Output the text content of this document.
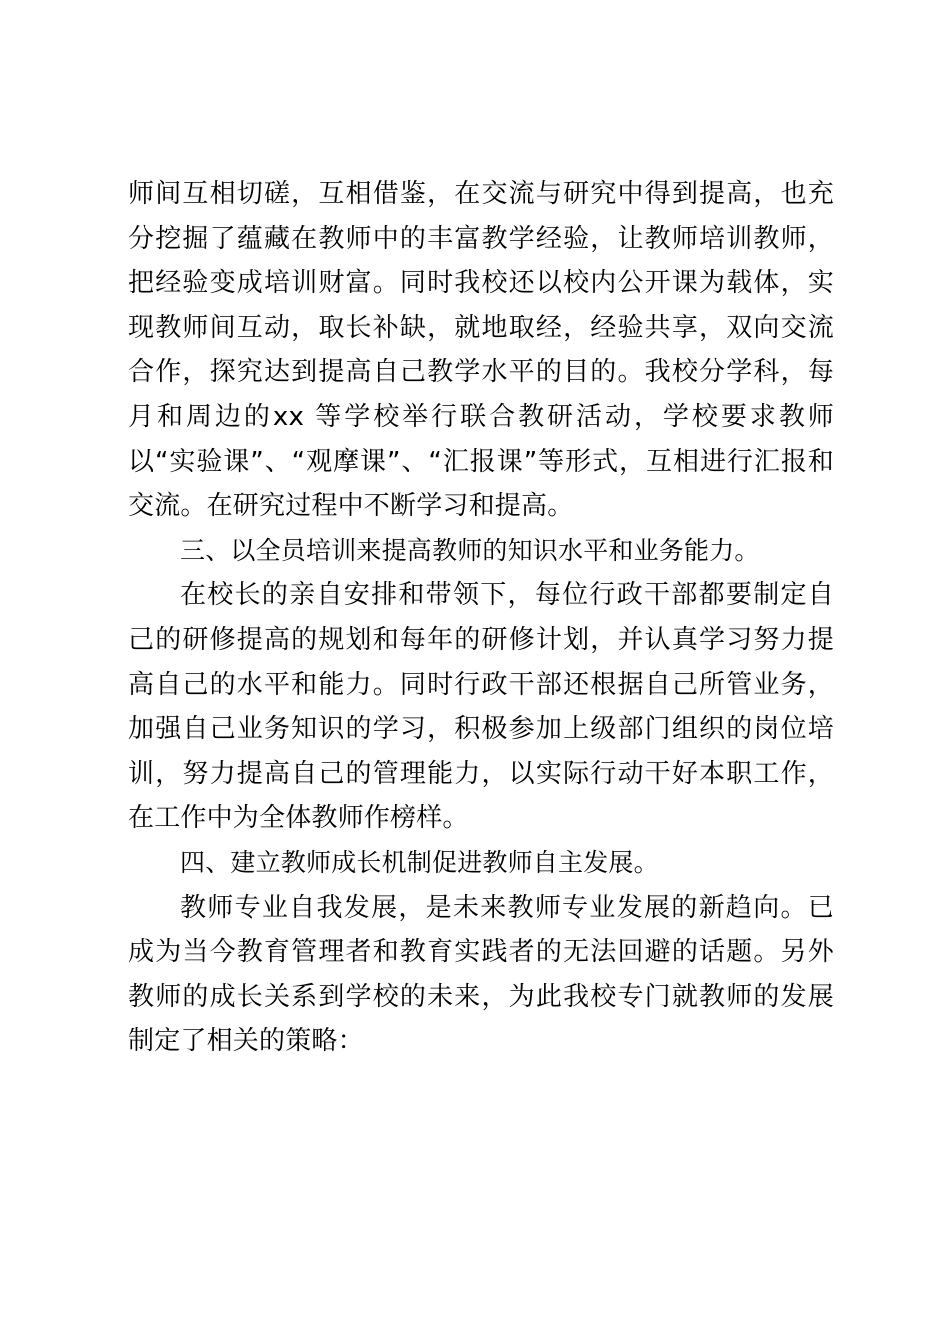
师间互相切磋，互相借鉴，在交流与研究中得到提高，也充分挖掘了蕴藏在教师中的丰富教学经验，让教师培训教师，把经验变成培训财富。同时我校还以校内公开课为载体，实现教师间互动，取长补缺，就地取经，经验共享，双向交流合作，探究达到提高自己教学水平的目的。我校分学科，每月和周边的xx 等学校举行联合教研活动，学校要求教师以“实验课”、“观摩课”、“汇报课”等形式，互相进行汇报和交流。在研究过程中不断学习和提高。

三、以全员培训来提高教师的知识水平和业务能力。

在校长的亲自安排和带领下，每位行政干部都要制定自己的研修提高的规划和每年的研修计划，并认真学习努力提高自己的水平和能力。同时行政干部还根据自己所管业务，加强自己业务知识的学习，积极参加上级部门组织的岗位培训，努力提高自己的管理能力，以实际行动干好本职工作，在工作中为全体教师作榜样。

四、建立教师成长机制促进教师自主发展。

教师专业自我发展，是未来教师专业发展的新趋向。已成为当今教育管理者和教育实践者的无法回避的话题。另外教师的成长关系到学校的未来，为此我校专门就教师的发展制定了相关的策略：
